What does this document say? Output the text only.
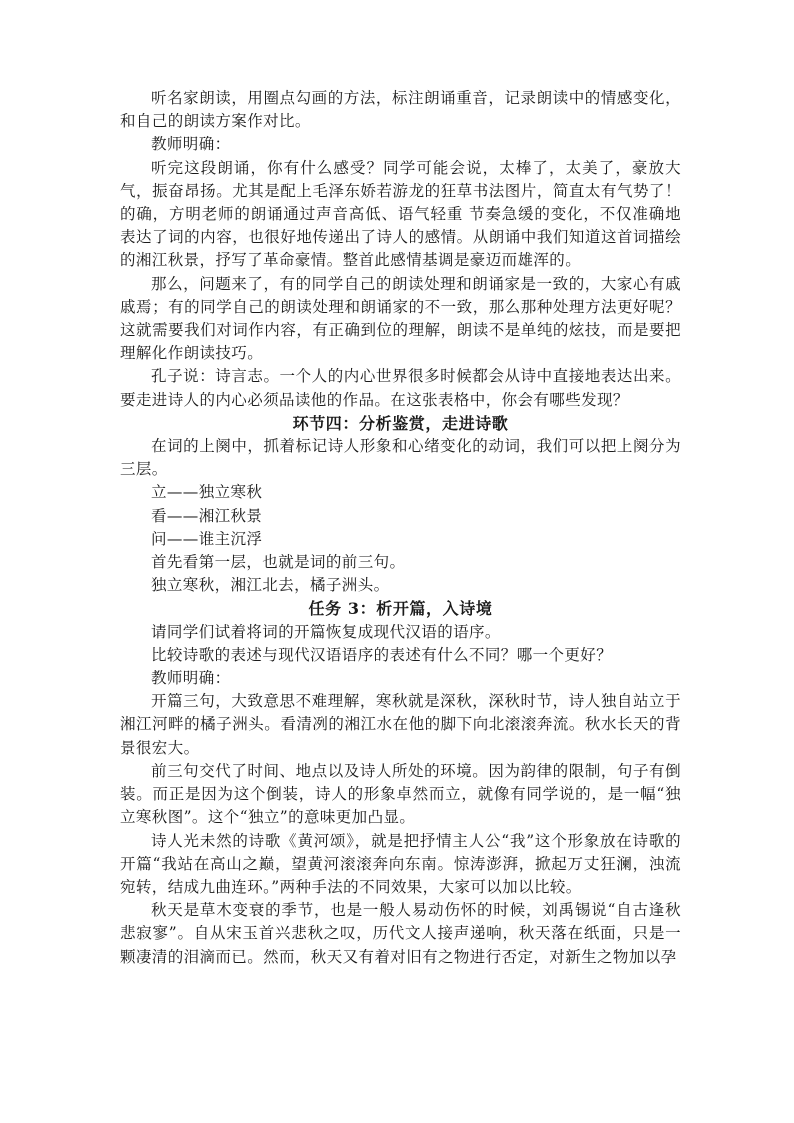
听名家朗读，用圈点勾画的方法，标注朗诵重音，记录朗读中的情感变化，和自己的朗读方案作对比。

教师明确：

听完这段朗诵，你有什么感受？同学可能会说，太棒了，太美了，豪放大气，振奋昂扬。尤其是配上毛泽东娇若游龙的狂草书法图片，简直太有气势了！的确，方明老师的朗诵通过声音高低、语气轻重 节奏急缓的变化，不仅准确地表达了词的内容，也很好地传递出了诗人的感情。从朗诵中我们知道这首词描绘的湘江秋景，抒写了革命豪情。整首此感情基调是豪迈而雄浑的。

那么，问题来了，有的同学自己的朗读处理和朗诵家是一致的，大家心有戚戚焉；有的同学自己的朗读处理和朗诵家的不一致，那么那种处理方法更好呢？这就需要我们对词作内容，有正确到位的理解，朗读不是单纯的炫技，而是要把理解化作朗读技巧。

孔子说：诗言志。一个人的内心世界很多时候都会从诗中直接地表达出来。要走进诗人的内心必须品读他的作品。在这张表格中，你会有哪些发现？

环节四：分析鉴赏，走进诗歌

在词的上阕中，抓着标记诗人形象和心绪变化的动词，我们可以把上阕分为三层。

立——独立寒秋

看——湘江秋景

问——谁主沉浮

首先看第一层，也就是词的前三句。

独立寒秋，湘江北去，橘子洲头。

任务 3：析开篇，入诗境

请同学们试着将词的开篇恢复成现代汉语的语序。

比较诗歌的表述与现代汉语语序的表述有什么不同？哪一个更好？

教师明确：

开篇三句，大致意思不难理解，寒秋就是深秋，深秋时节，诗人独自站立于湘江河畔的橘子洲头。看清冽的湘江水在他的脚下向北滚滚奔流。秋水长天的背景很宏大。

前三句交代了时间、地点以及诗人所处的环境。因为韵律的限制，句子有倒装。而正是因为这个倒装，诗人的形象卓然而立，就像有同学说的，是一幅“独立寒秋图”。这个“独立”的意味更加凸显。

诗人光未然的诗歌《黄河颂》，就是把抒情主人公“我”这个形象放在诗歌的开篇“我站在高山之巅，望黄河滚滚奔向东南。惊涛澎湃，掀起万丈狂澜，浊流宛转，结成九曲连环。”两种手法的不同效果，大家可以加以比较。

秋天是草木变衰的季节，也是一般人易动伤怀的时候，刘禹锡说“自古逢秋悲寂寥”。自从宋玉首兴悲秋之叹，历代文人接声递响，秋天落在纸面，只是一颗凄清的泪滴而已。然而，秋天又有着对旧有之物进行否定，对新生之物加以孕
